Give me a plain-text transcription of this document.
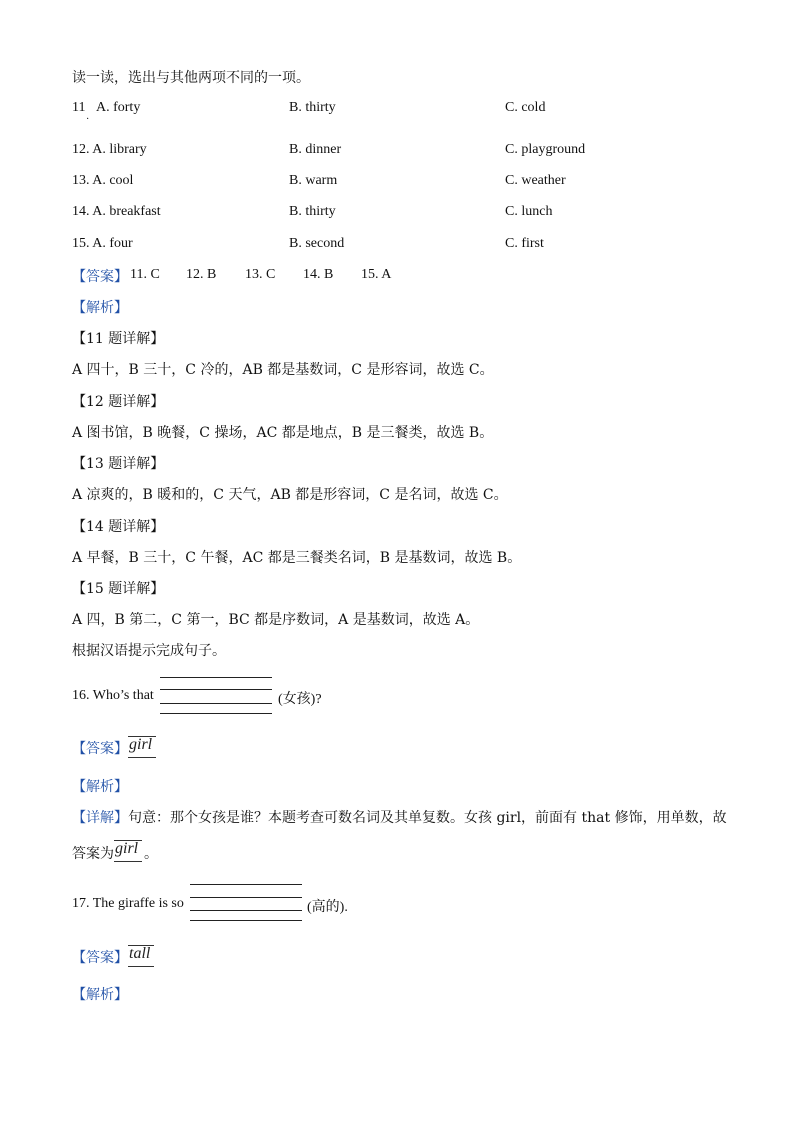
读一读，选出与其他两项不同的一项。
11
·
A. forty	B. thirty	C. cold
12. A. library	B. dinner	C. playground
13. A. cool	B. warm	C. weather
14. A. breakfast	B. thirty	C. lunch
15. A. four	B. second	C. first
【答案】 11. C 12. B 13. C 14. B 15. A
【解析】
【11 题详解】
A 四十，B 三十，C 冷的，AB 都是基数词，C 是形容词，故选 C。
【12 题详解】
A 图书馆，B 晚餐，C 操场，AC 都是地点，B 是三餐类，故选 B。
【13 题详解】
A 凉爽的，B 暖和的，C 天气，AB 都是形容词，C 是名词，故选 C。
【14 题详解】
A 早餐，B 三十，C 午餐，AC 都是三餐类名词，B 是基数词，故选 B。
【15 题详解】
A 四，B 第二，C 第一，BC 都是序数词，A 是基数词，故选 A。
根据汉语提示完成句子。
16. Who’s that	(女孩)?
【答案】 girl
【解析】
【详解】 句意：那个女孩是谁？本题考查可数名词及其单复数。女孩 girl，前面有 that 修饰，用单数，故
答案为 girl 。
17. The giraffe is so	(高的).
【答案】 tall
【解析】
